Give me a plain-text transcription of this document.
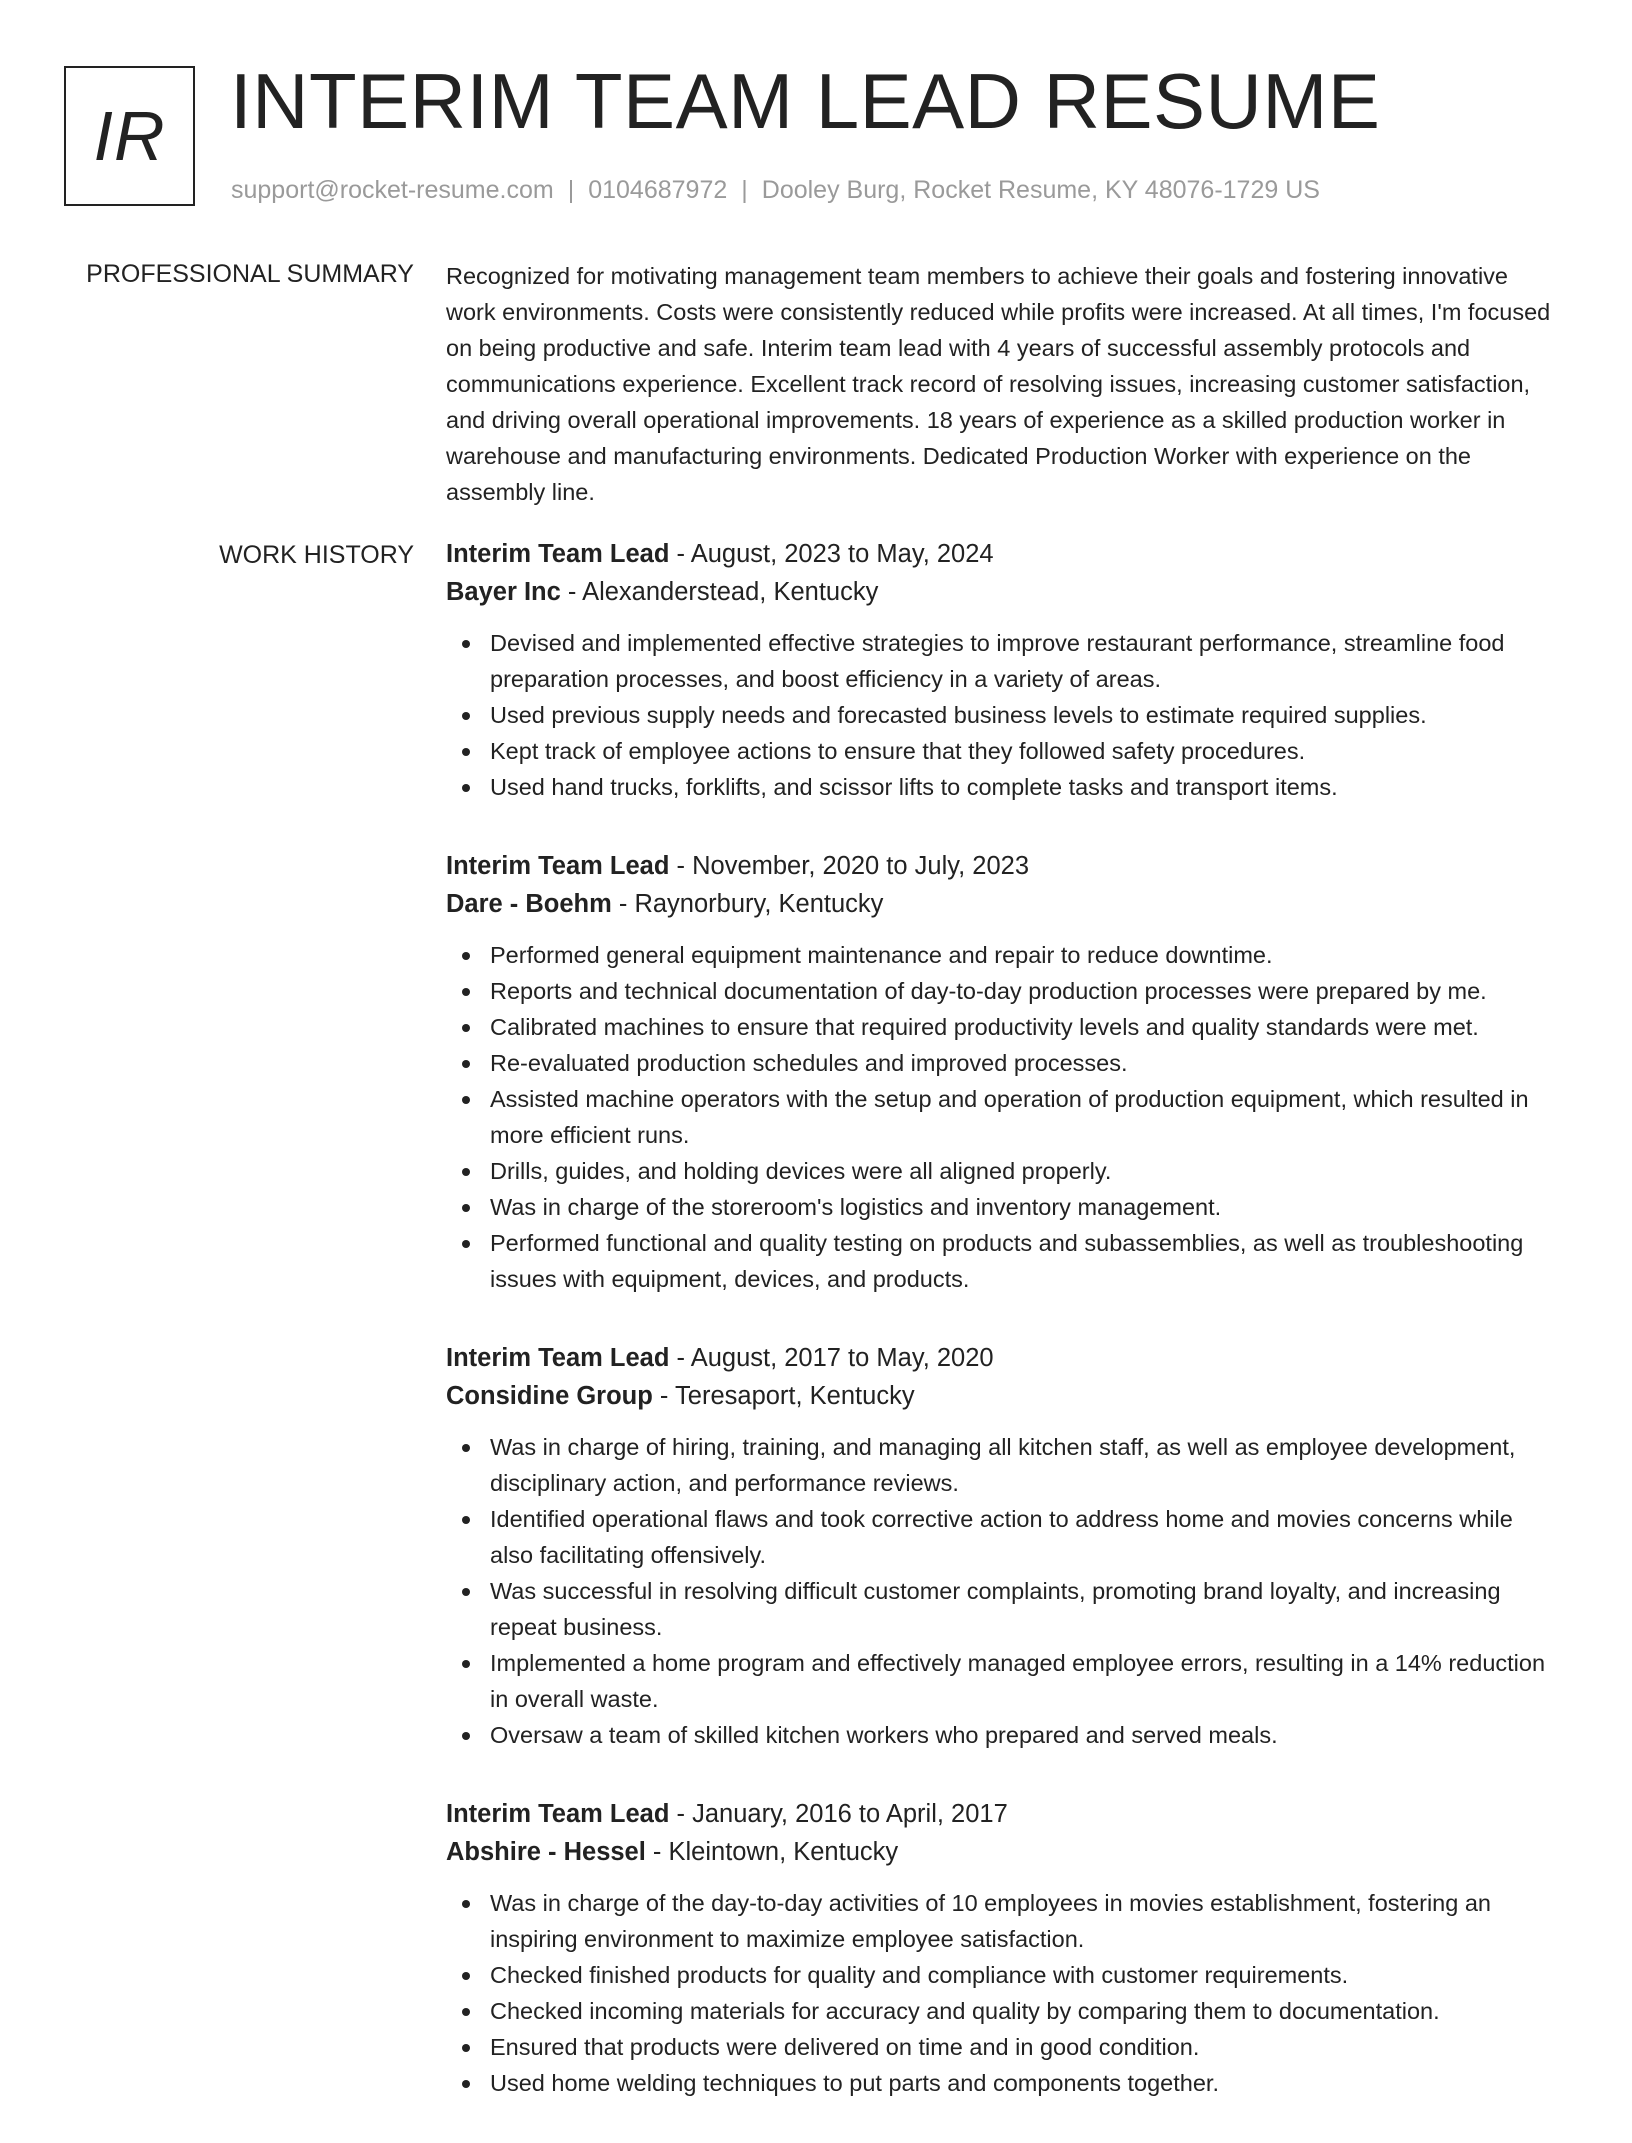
IR INTERIM TEAM LEAD RESUME
support@rocket-resume.com | 0104687972 | Dooley Burg, Rocket Resume, KY 48076-1729 US
PROFESSIONAL SUMMARY Recognized for motivating management team members to achieve their goals and fostering innovative work environments. Costs were consistently reduced while profits were increased. At all times, I'm focused on being productive and safe. Interim team lead with 4 years of successful assembly protocols and communications experience. Excellent track record of resolving issues, increasing customer satisfaction, and driving overall operational improvements. 18 years of experience as a skilled production worker in warehouse and manufacturing environments. Dedicated Production Worker with experience on the assembly line.

WORK HISTORY Interim Team Lead - August, 2023 to May, 2024
Bayer Inc - Alexanderstead, Kentucky
Devised and implemented effective strategies to improve restaurant performance, streamline food preparation processes, and boost efficiency in a variety of areas.
Used previous supply needs and forecasted business levels to estimate required supplies.
Kept track of employee actions to ensure that they followed safety procedures.
Used hand trucks, forklifts, and scissor lifts to complete tasks and transport items.
Interim Team Lead - November, 2020 to July, 2023
Dare - Boehm - Raynorbury, Kentucky
Performed general equipment maintenance and repair to reduce downtime.
Reports and technical documentation of day-to-day production processes were prepared by me.
Calibrated machines to ensure that required productivity levels and quality standards were met.
Re-evaluated production schedules and improved processes.
Assisted machine operators with the setup and operation of production equipment, which resulted in more efficient runs.
Drills, guides, and holding devices were all aligned properly.
Was in charge of the storeroom's logistics and inventory management.
Performed functional and quality testing on products and subassemblies, as well as troubleshooting issues with equipment, devices, and products.
Interim Team Lead - August, 2017 to May, 2020
Considine Group - Teresaport, Kentucky
Was in charge of hiring, training, and managing all kitchen staff, as well as employee development, disciplinary action, and performance reviews.
Identified operational flaws and took corrective action to address home and movies concerns while also facilitating offensively.
Was successful in resolving difficult customer complaints, promoting brand loyalty, and increasing repeat business.
Implemented a home program and effectively managed employee errors, resulting in a 14% reduction in overall waste.
Oversaw a team of skilled kitchen workers who prepared and served meals.
Interim Team Lead - January, 2016 to April, 2017
Abshire - Hessel - Kleintown, Kentucky
Was in charge of the day-to-day activities of 10 employees in movies establishment, fostering an inspiring environment to maximize employee satisfaction.
Checked finished products for quality and compliance with customer requirements.
Checked incoming materials for accuracy and quality by comparing them to documentation.
Ensured that products were delivered on time and in good condition.
Used home welding techniques to put parts and components together.
